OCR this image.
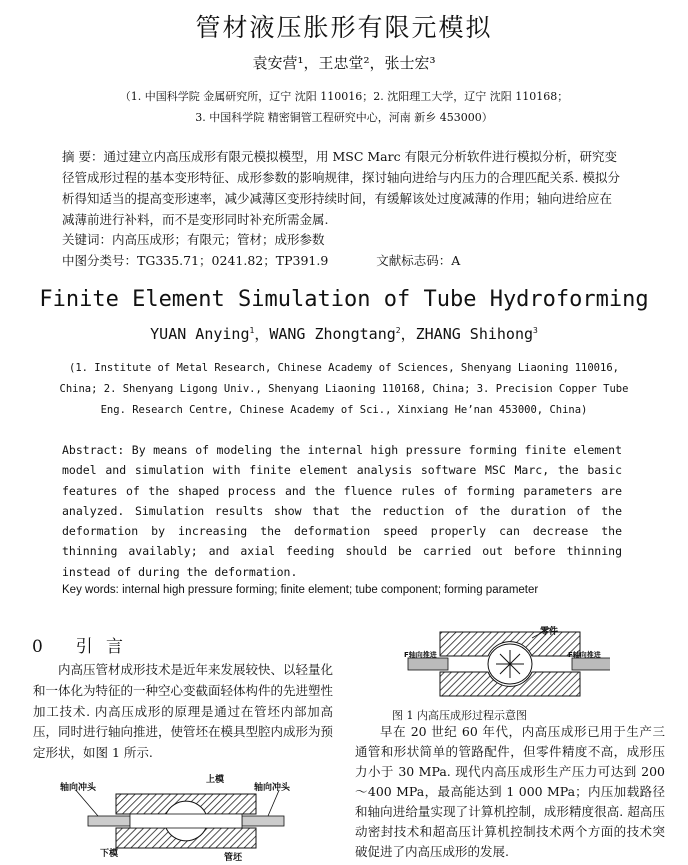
管材液压胀形有限元模拟
袁安营¹，王忠堂²，张士宏³
（1. 中国科学院 金属研究所，辽宁 沈阳 110016；2. 沈阳理工大学，辽宁 沈阳 110168；
3. 中国科学院 精密铜管工程研究中心，河南 新乡 453000）

摘 要：通过建立内高压成形有限元模拟模型，用 MSC Marc 有限元分析软件进行模拟分析，研究变径管成形过程的基本变形特征、成形参数的影响规律，探讨轴向进给与内压力的合理匹配关系. 模拟分析得知适当的提高变形速率，减少减薄区变形持续时间，有缓解该处过度减薄的作用；轴向进给应在减薄前进行补料，而不是变形同时补充所需金属.

关键词：内高压成形；有限元；管材；成形参数
中图分类号：TG335.71；0241.82；TP391.9	文献标志码：A
Finite Element Simulation of Tube Hydroforming
YUAN Anying$^1$，WANG Zhongtang$^2$，ZHANG Shihong$^3$
(1. Institute of Metal Research, Chinese Academy of Sciences, Shenyang Liaoning 110016, China; 2. Shenyang Ligong Univ., Shenyang Liaoning 110168, China; 3. Precision Copper Tube Eng. Research Centre, Chinese Academy of Sci., Xinxiang He’nan 453000, China)
Abstract: By means of modeling the internal high pressure forming finite element model and simulation with finite element analysis software MSC Marc, the basic features of the shaped process and the fluence rules of forming parameters are analyzed. Simulation results show that the reduction of the duration of the deformation by increasing the deformation speed properly can decrease the thinning availably; and axial feeding should be carried out before thinning instead of during the deformation.
Key words: internal high pressure forming; finite element; tube component; forming parameter
0 引 言
内高压管材成形技术是近年来发展较快、以轻量化和一体化为特征的一种空心变截面轻体构件的先进塑性加工技术. 内高压成形的原理是通过在管坯内部加高压，同时进行轴向推进，使管坯在模具型腔内成形为预定形状，如图 1 所示.
零件
F轴向推进	F轴向推进
图 1 内高压成形过程示意图
早在 20 世纪 60 年代，内高压成形已用于生产三通管和形状简单的管路配件，但零件精度不高，成形压力小于 30 MPa. 现代内高压成形生产压力可达到 200～400 MPa，最高能达到 1 000 MPa；内压加载路径和轴向进给量实现了计算机控制，成形精度很高. 超高压动密封技术和超高压计算机控制技术两个方面的技术突破促进了内高压成形的发展.
轴向冲头
上模
轴向冲头
下模	管坯
